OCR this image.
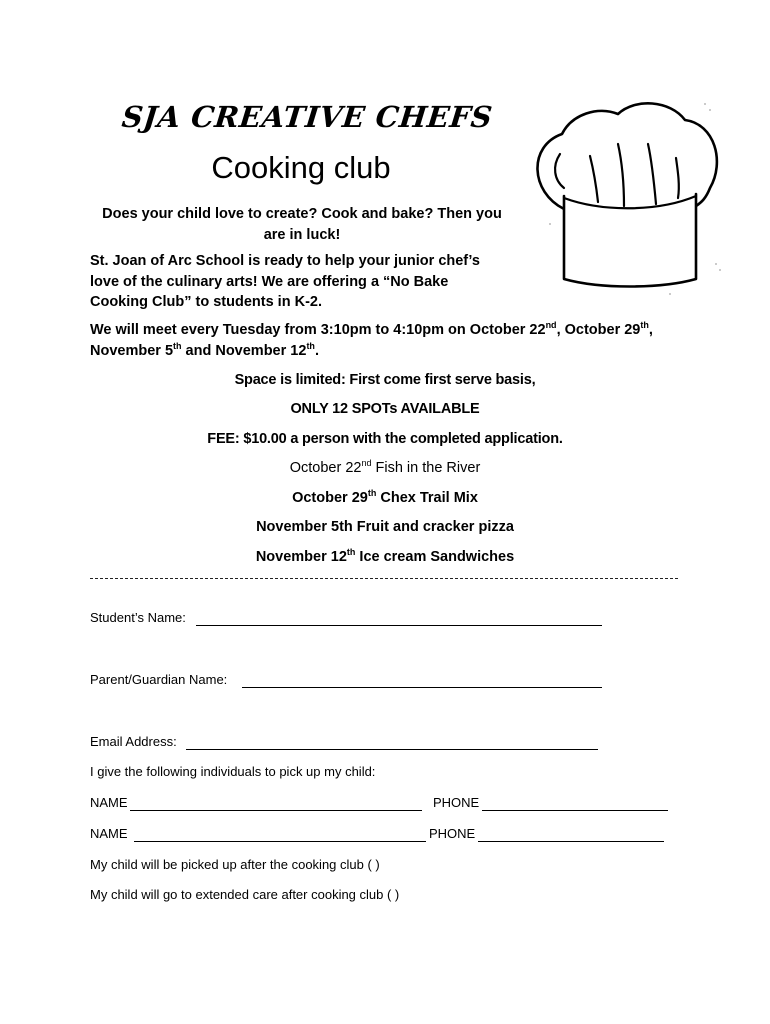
SJA CREATIVE CHEFS
Cooking club
Does your child love to create? Cook and bake? Then you are in luck!
St. Joan of Arc School is ready to help your junior chef’s love of the culinary arts! We are offering a “No Bake Cooking Club” to students in K-2.
We will meet every Tuesday from 3:10pm to 4:10pm on October 22nd, October 29th, November 5th and November 12th.
Space is limited: First come first serve basis,
ONLY 12 SPOTs AVAILABLE
FEE: $10.00 a person with the completed application.
October 22nd Fish in the River
October 29th Chex Trail Mix
November 5th Fruit and cracker pizza
November 12th Ice cream Sandwiches
Student’s Name:
Parent/Guardian Name:
Email Address:
I give the following individuals to pick up my child:
NAME	PHONE
NAME	PHONE
My child will be picked up after the cooking club ( )
My child will go to extended care after cooking club ( )
